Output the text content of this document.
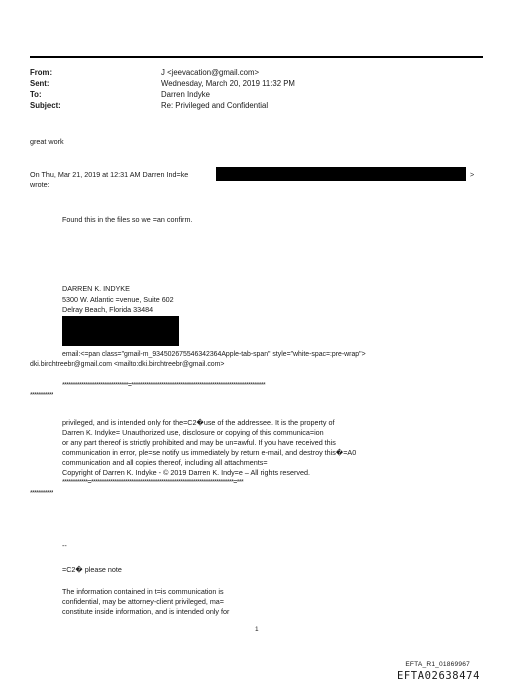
From:	J <jeevacation@gmail.com>
Sent:	Wednesday, March 20, 2019 11:32 PM
To:	Darren Indyke
Subject:	Re: Privileged and Confidential
great work
On Thu, Mar 21, 2019 at 12:31 AM Darren Ind=ke	>
wrote:
Found this in the files so we =an confirm.
DARREN K. INDYKE
5300 W. Atlantic =venue, Suite 602
Delray Beach, Florida 33484
email:<=pan class="gmail-m_934502675546342364Apple-tab-span" style="white-spac=:pre-wrap">
dki.birchtreebr@gmail.com <mailto:dki.birchtreebr@gmail.com>
*******************************=***************************************************************
***********
privileged, and is intended only for the=C2�use of the addressee. It is the property of
Darren K. Indyke= Unauthorized use, disclosure or copying of this communica=ion
or any part thereof is strictly prohibited and may be un=awful. If you have received this
communication in error, ple=se notify us immediately by return e-mail, and destroy this�=A0
communication and all copies thereof, including all attachments=
Copyright of Darren K. Indyke - © 2019 Darren K. Indy=e – All rights reserved.
************=*******************************************************************=***
***********
--
=C2� please note
The information contained in t=is communication is
confidential, may be attorney-client privileged, ma=
constitute inside information, and is intended only for
1
EFTA_R1_01869967
EFTA02638474
